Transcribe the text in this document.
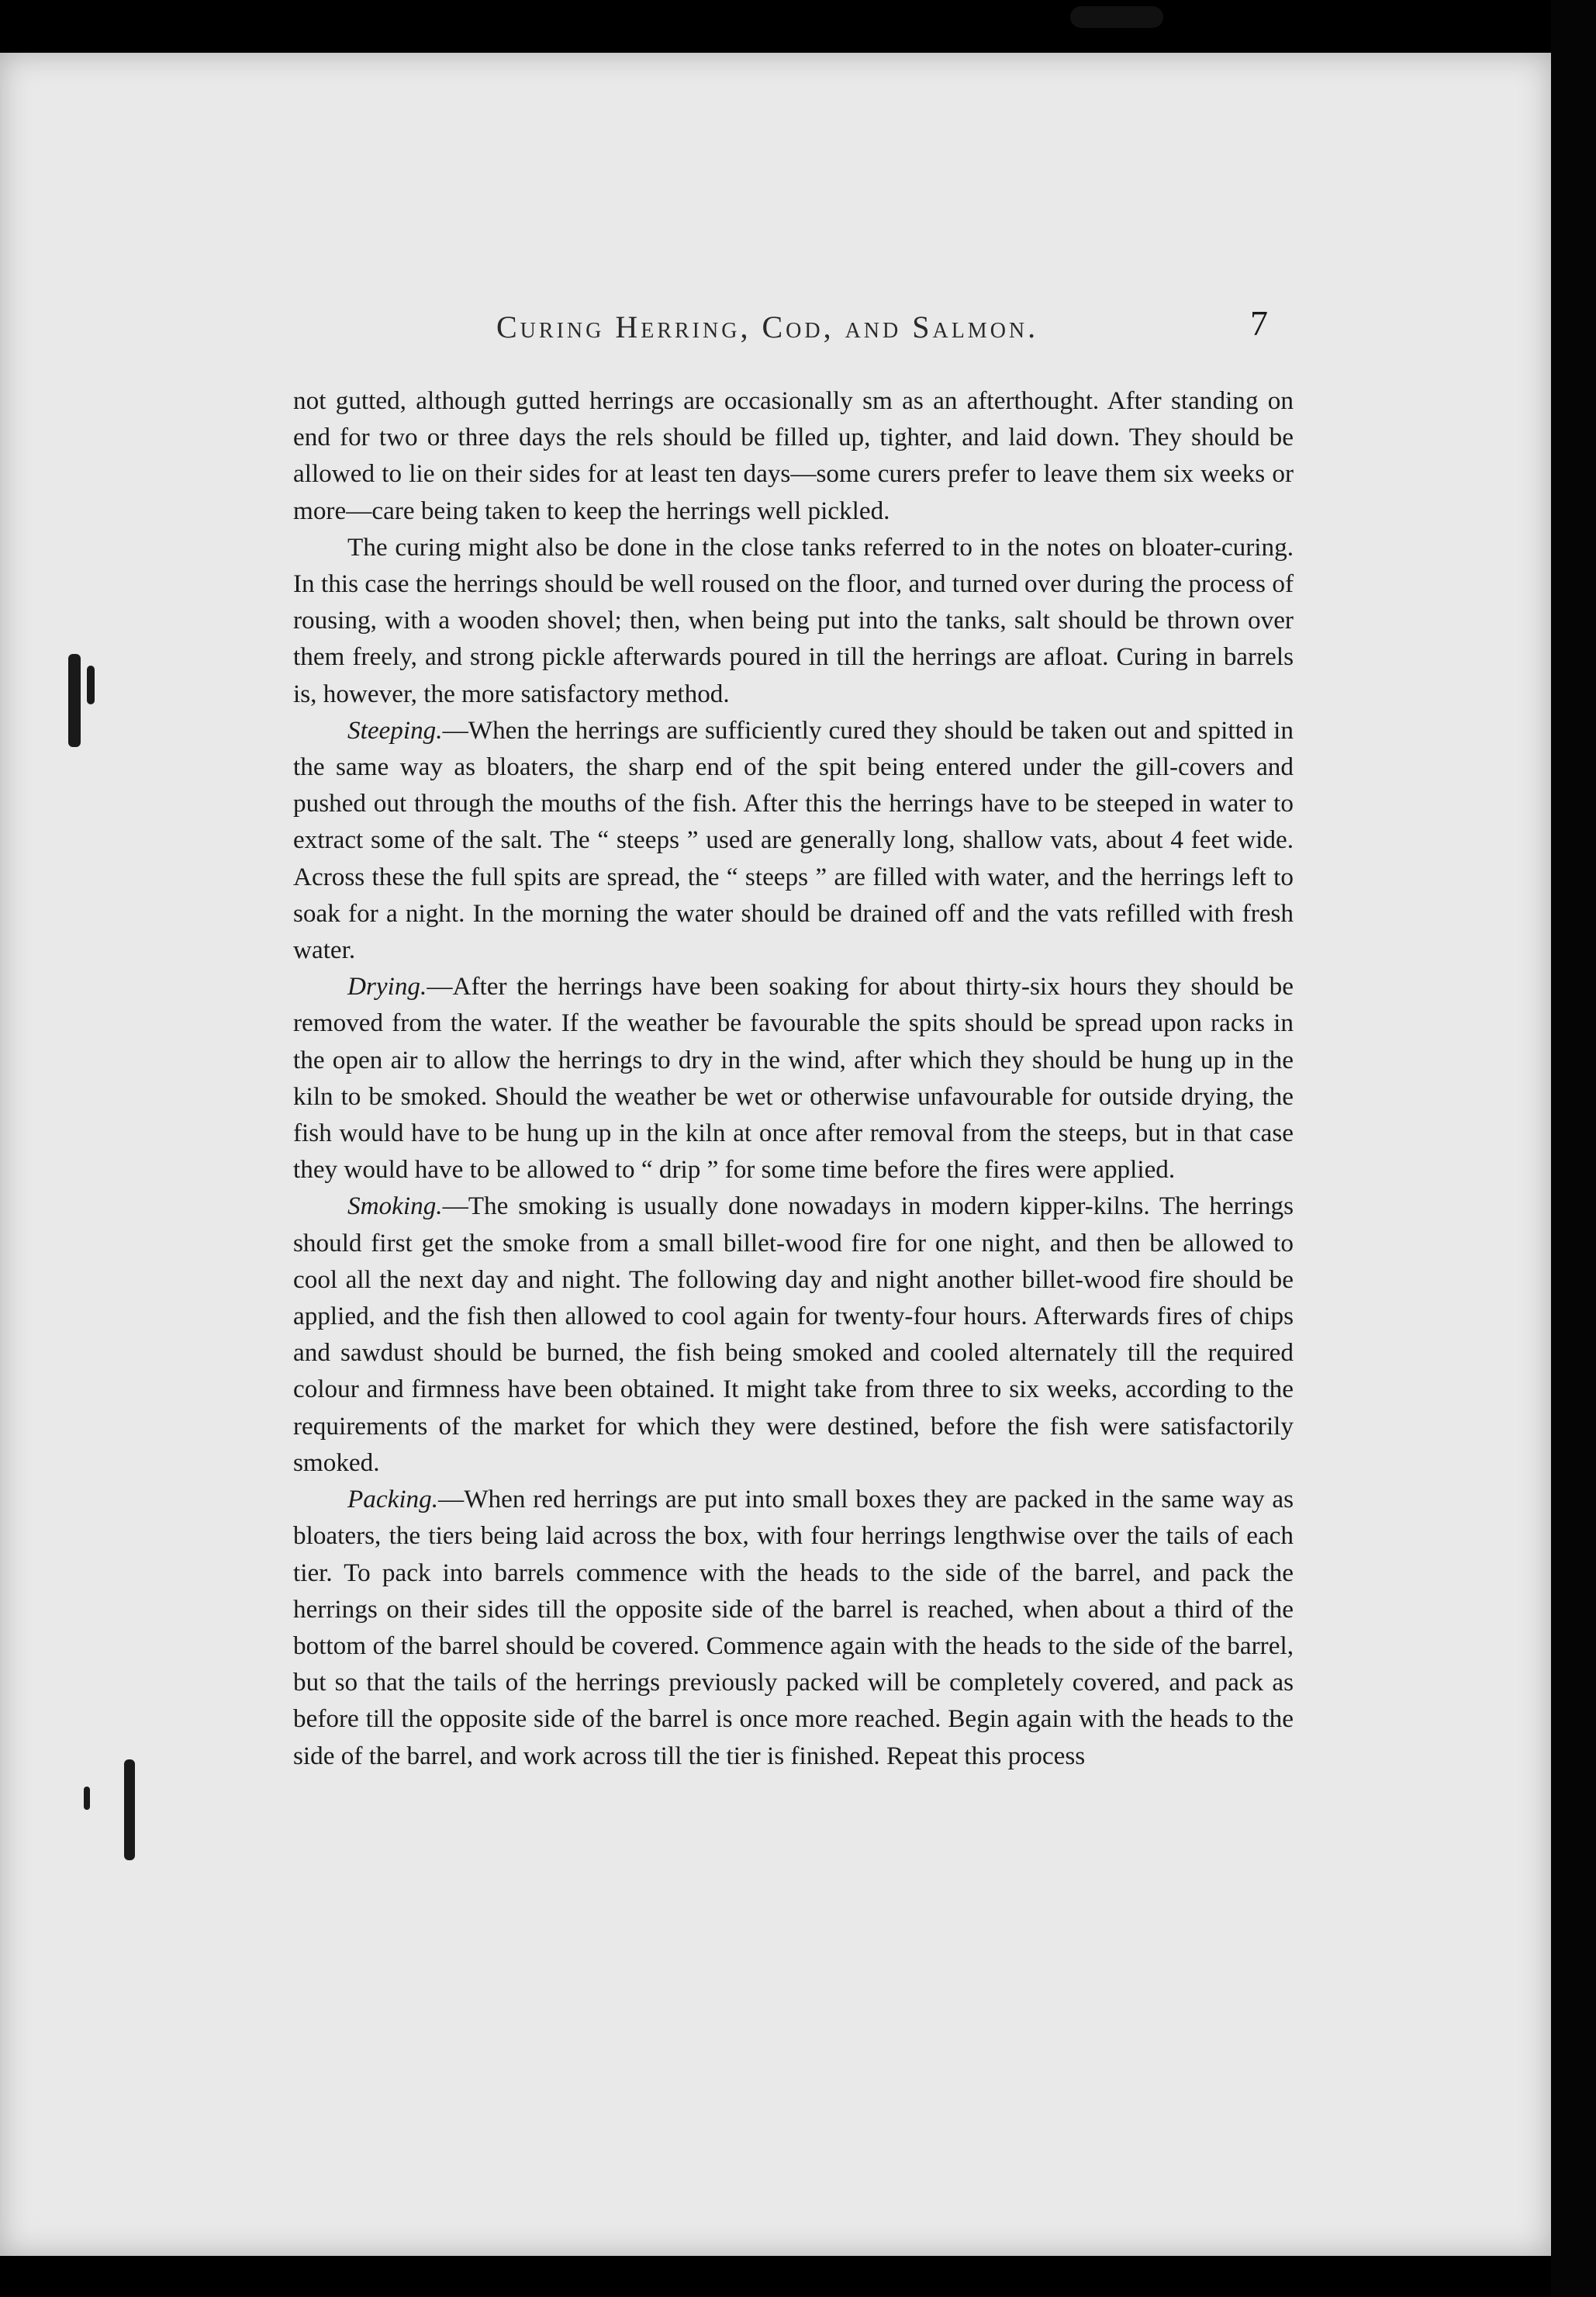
Curing Herring, Cod, and Salmon.	7

not gutted, although gutted herrings are occasionally sm as an afterthought. After standing on end for two or three days the rels should be filled up, tighter, and laid down. They should be allowed to lie on their sides for at least ten days—some curers prefer to leave them six weeks or more—care being taken to keep the herrings well pickled.

The curing might also be done in the close tanks referred to in the notes on bloater-curing. In this case the herrings should be well roused on the floor, and turned over during the process of rousing, with a wooden shovel; then, when being put into the tanks, salt should be thrown over them freely, and strong pickle afterwards poured in till the herrings are afloat. Curing in barrels is, however, the more satisfactory method.

Steeping.—When the herrings are sufficiently cured they should be taken out and spitted in the same way as bloaters, the sharp end of the spit being entered under the gill-covers and pushed out through the mouths of the fish. After this the herrings have to be steeped in water to extract some of the salt. The “ steeps ” used are generally long, shallow vats, about 4 feet wide. Across these the full spits are spread, the “ steeps ” are filled with water, and the herrings left to soak for a night. In the morning the water should be drained off and the vats refilled with fresh water.

Drying.—After the herrings have been soaking for about thirty-six hours they should be removed from the water. If the weather be favourable the spits should be spread upon racks in the open air to allow the herrings to dry in the wind, after which they should be hung up in the kiln to be smoked. Should the weather be wet or otherwise unfavourable for outside drying, the fish would have to be hung up in the kiln at once after removal from the steeps, but in that case they would have to be allowed to “ drip ” for some time before the fires were applied.

Smoking.—The smoking is usually done nowadays in modern kipper-kilns. The herrings should first get the smoke from a small billet-wood fire for one night, and then be allowed to cool all the next day and night. The following day and night another billet-wood fire should be applied, and the fish then allowed to cool again for twenty-four hours. Afterwards fires of chips and sawdust should be burned, the fish being smoked and cooled alternately till the required colour and firmness have been obtained. It might take from three to six weeks, according to the requirements of the market for which they were destined, before the fish were satisfactorily smoked.

Packing.—When red herrings are put into small boxes they are packed in the same way as bloaters, the tiers being laid across the box, with four herrings lengthwise over the tails of each tier. To pack into barrels commence with the heads to the side of the barrel, and pack the herrings on their sides till the opposite side of the barrel is reached, when about a third of the bottom of the barrel should be covered. Commence again with the heads to the side of the barrel, but so that the tails of the herrings previously packed will be completely covered, and pack as before till the opposite side of the barrel is once more reached. Begin again with the heads to the side of the barrel, and work across till the tier is finished. Repeat this process
